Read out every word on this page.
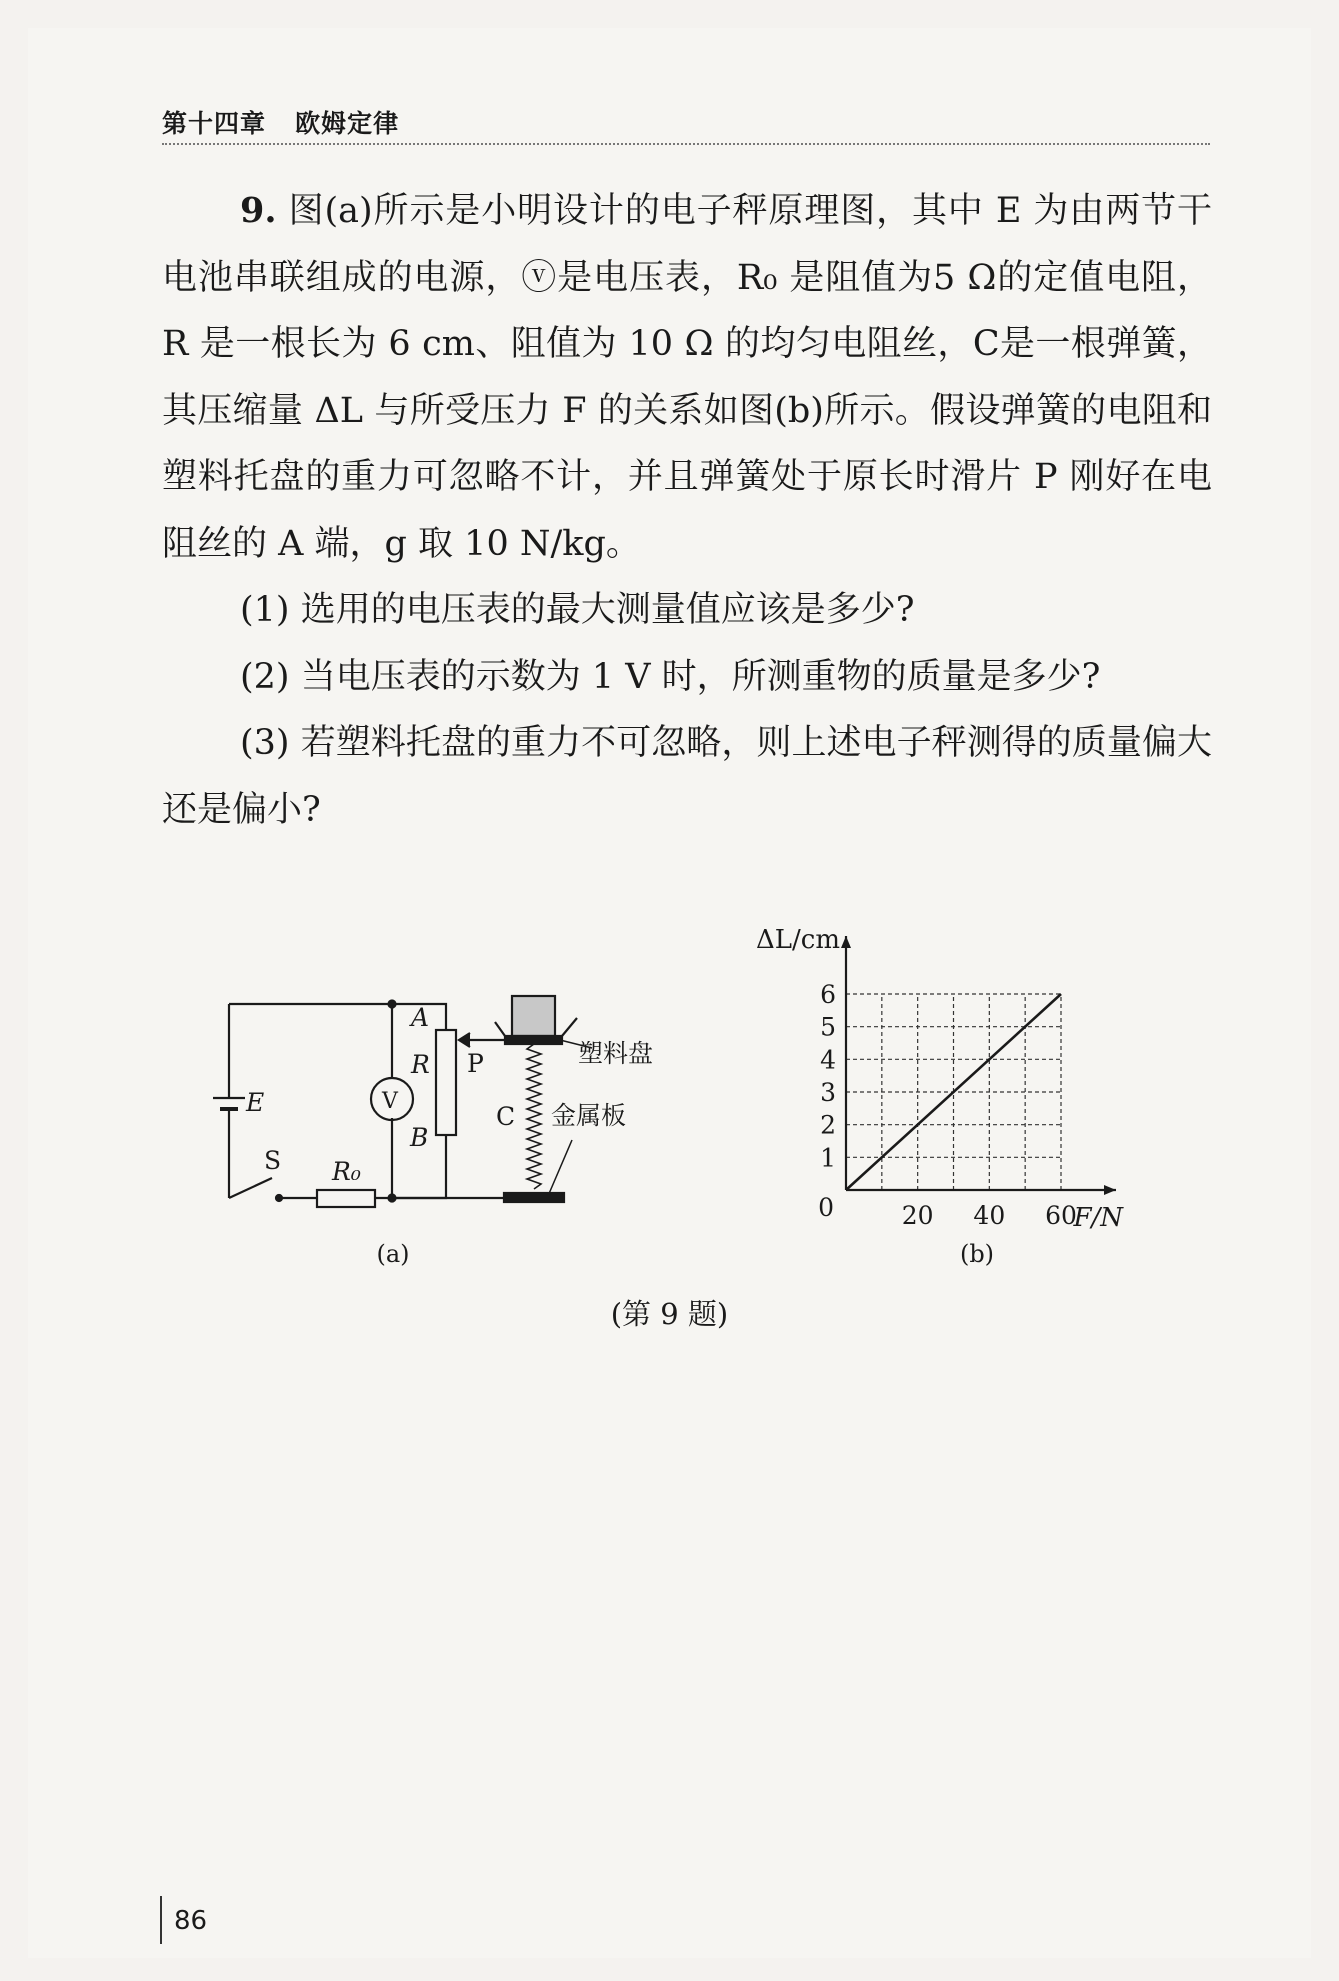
第十四章 欧姆定律

9. 图(a)所示是小明设计的电子秤原理图，其中 E 为由两节干电池串联组成的电源，ⓥ是电压表，R₀ 是阻值为5 Ω的定值电阻，R 是一根长为 6 cm、阻值为 10 Ω 的均匀电阻丝，C是一根弹簧，其压缩量 ΔL 与所受压力 F 的关系如图(b)所示。假设弹簧的电阻和塑料托盘的重力可忽略不计，并且弹簧处于原长时滑片 P 刚好在电阻丝的 A 端，g 取 10 N/kg。

(1) 选用的电压表的最大测量值应该是多少?

(2) 当电压表的示数为 1 V 时，所测重物的质量是多少?

(3) 若塑料托盘的重力不可忽略，则上述电子秤测得的质量偏大还是偏小?

E
S R₀
V
A
R
B
P
C
塑料盘
金属板
(a)
20 40 60
1
2
3
4
5
6
0	F/N
ΔL/cm
(b)
(第 9 题)
86
